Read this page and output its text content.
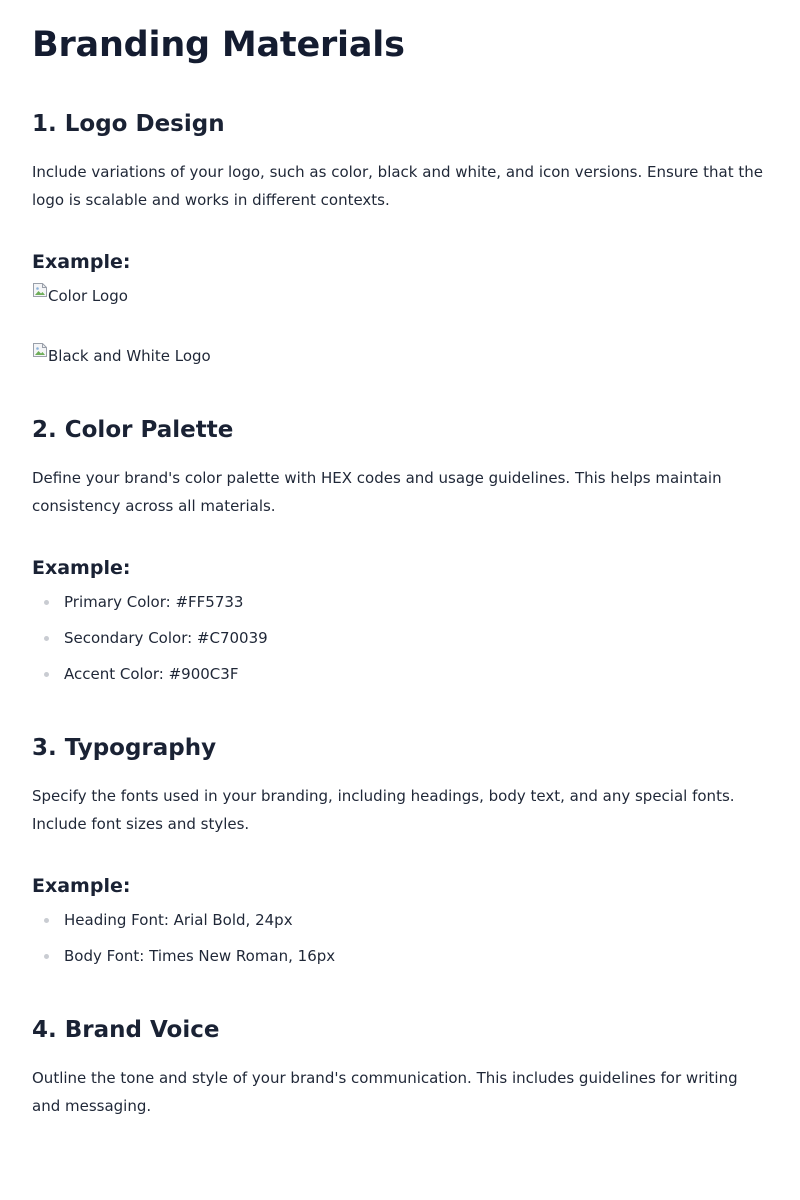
Branding Materials
1. Logo Design

Include variations of your logo, such as color, black and white, and icon versions. Ensure that the logo is scalable and works in different contexts.

Example:
Color Logo
Black and White Logo
2. Color Palette

Define your brand's color palette with HEX codes and usage guidelines. This helps maintain consistency across all materials.

Example:
Primary Color: #FF5733
Secondary Color: #C70039
Accent Color: #900C3F
3. Typography

Specify the fonts used in your branding, including headings, body text, and any special fonts. Include font sizes and styles.

Example:
Heading Font: Arial Bold, 24px
Body Font: Times New Roman, 16px
4. Brand Voice

Outline the tone and style of your brand's communication. This includes guidelines for writing and messaging.
